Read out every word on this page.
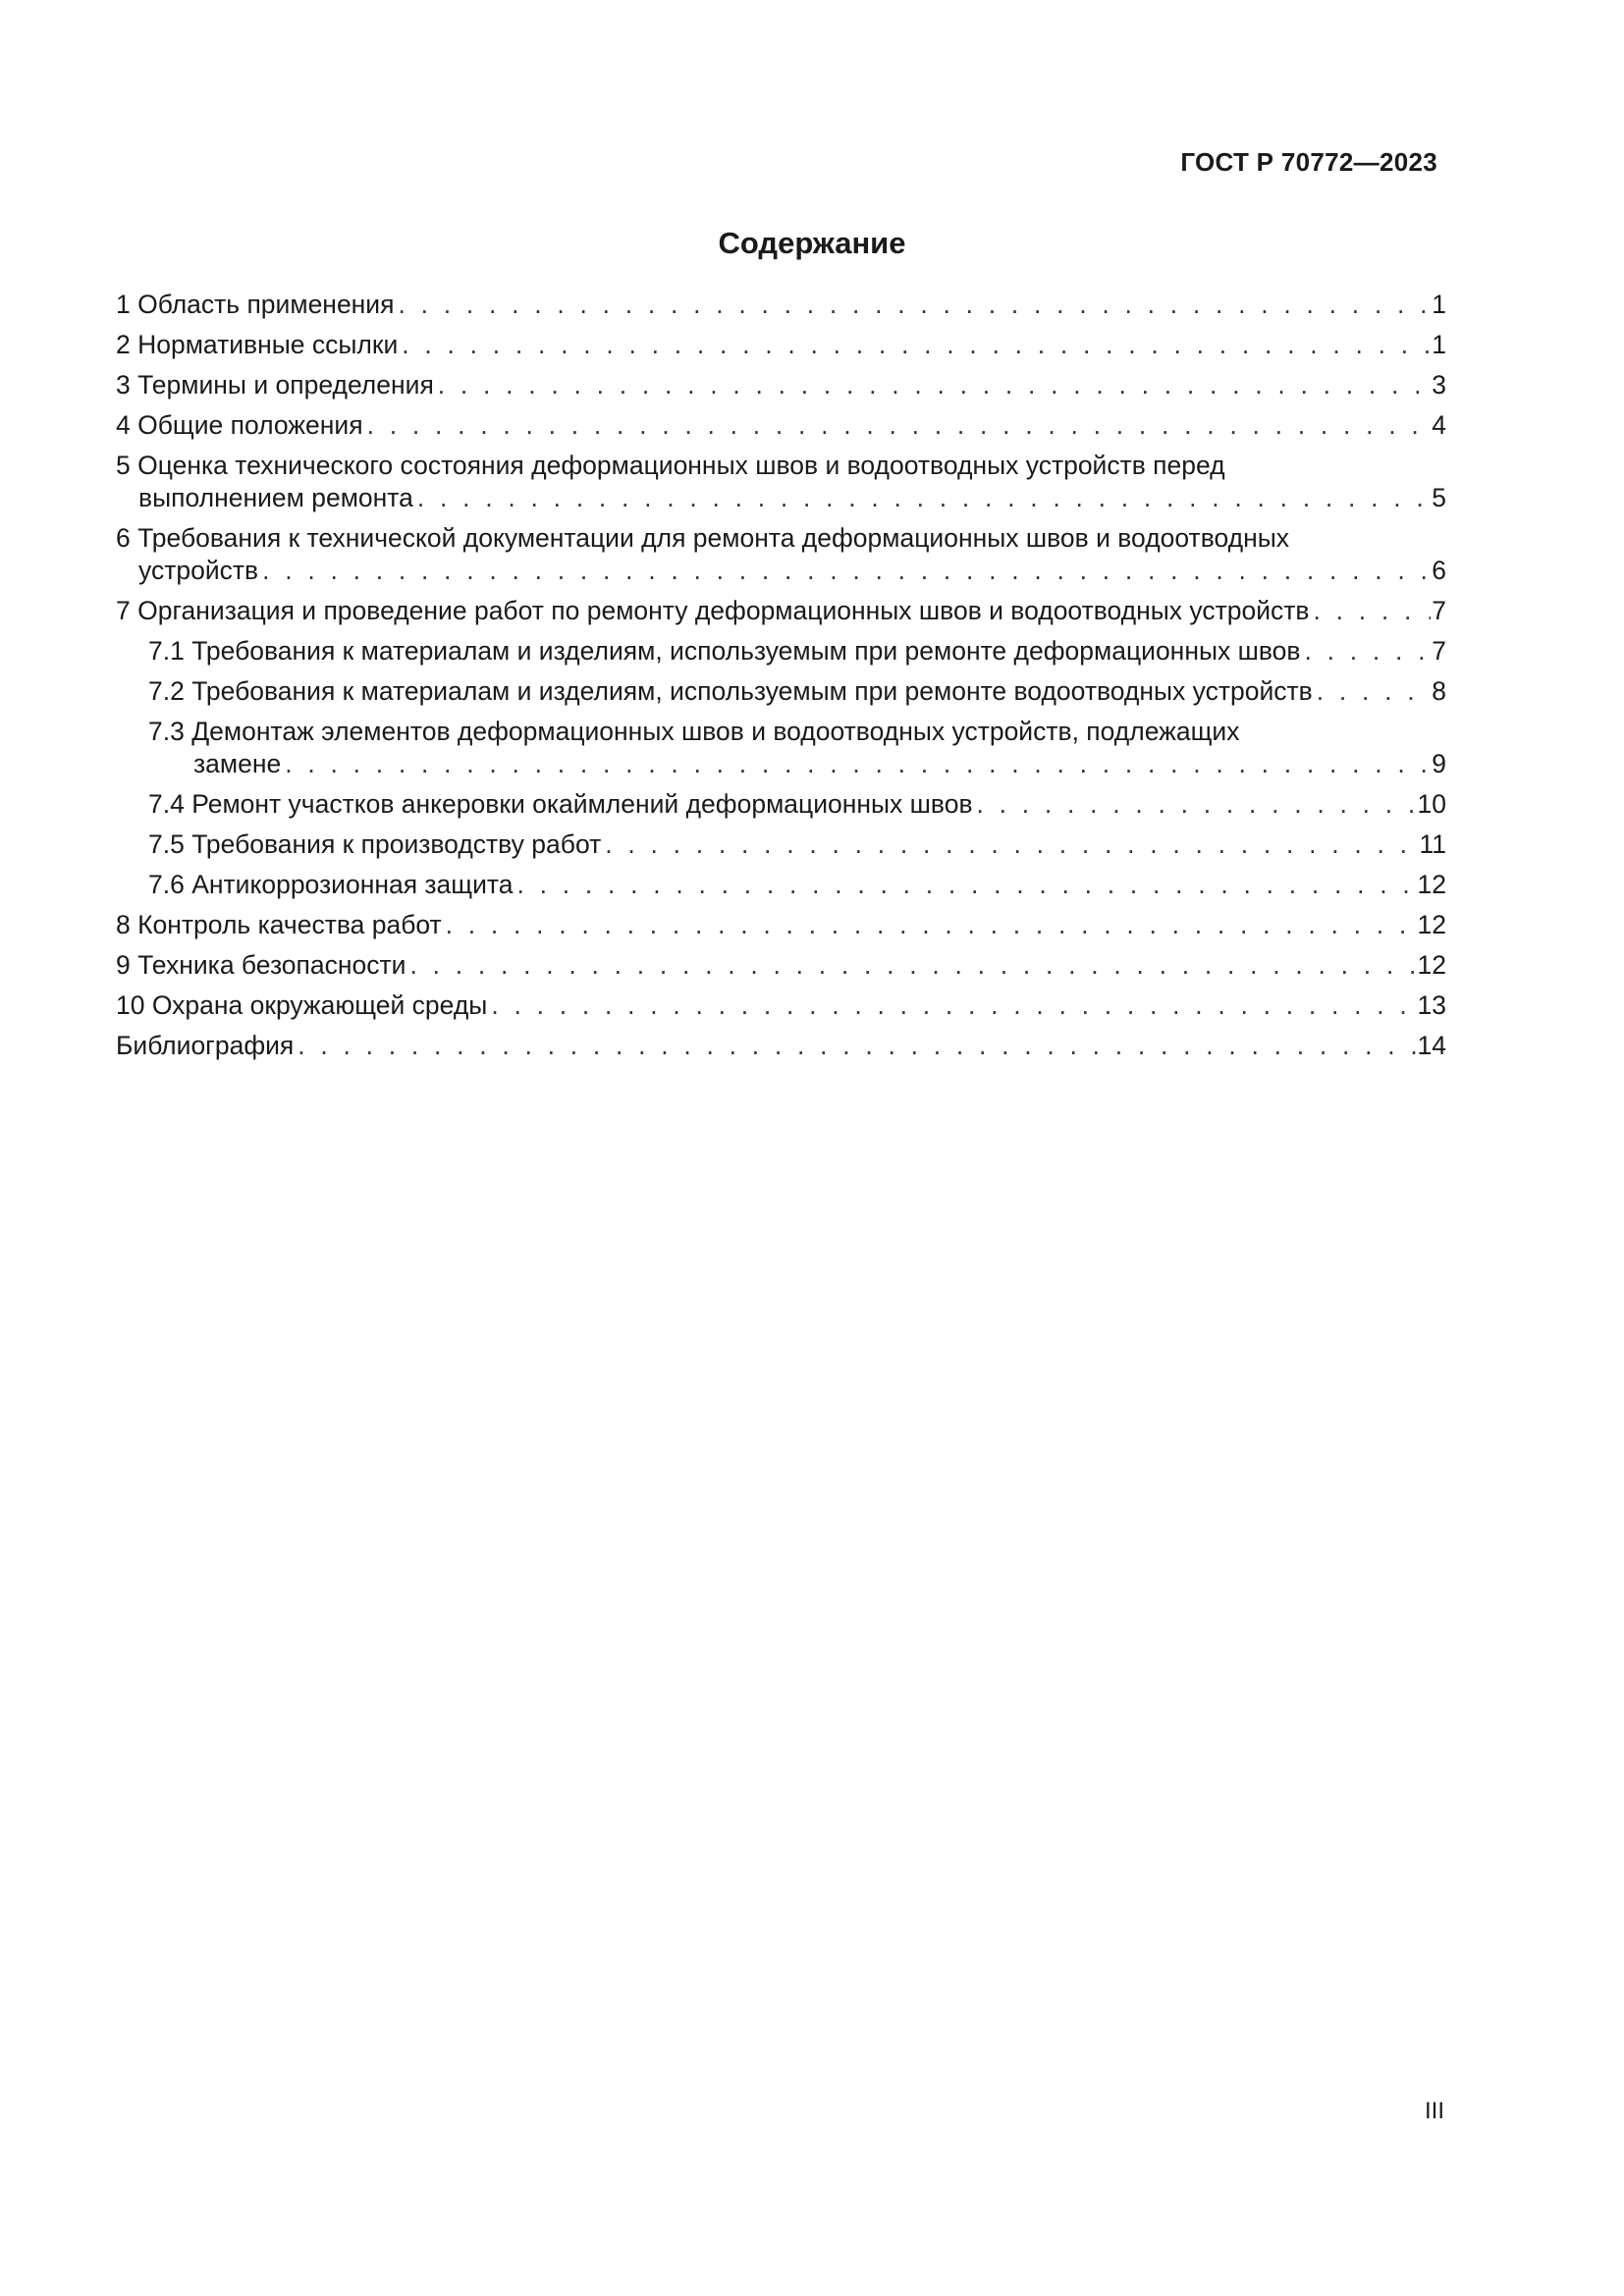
ГОСТ Р 70772—2023
Содержание
1 Область применения . . .	1
2 Нормативные ссылки . . .	1
3 Термины и определения . . .	3
4 Общие положения . . .	4
5 Оценка технического состояния деформационных швов и водоотводных устройств перед
выполнением ремонта . . .	5
6 Требования к технической документации для ремонта деформационных швов и водоотводных
устройств . . .	6
7 Организация и проведение работ по ремонту деформационных швов и водоотводных устройств . . .	7
7.1 Требования к материалам и изделиям, используемым при ремонте деформационных швов . . .	7
7.2 Требования к материалам и изделиям, используемым при ремонте водоотводных устройств . . .	8
7.3 Демонтаж элементов деформационных швов и водоотводных устройств, подлежащих
замене . . .	9
7.4 Ремонт участков анкеровки окаймлений деформационных швов . . .	10
7.5 Требования к производству работ . . .	11
7.6 Антикоррозионная защита . . .	12
8 Контроль качества работ . . .	12
9 Техника безопасности . . .	12
10 Охрана окружающей среды . . .	13
Библиография . . .	14
III
